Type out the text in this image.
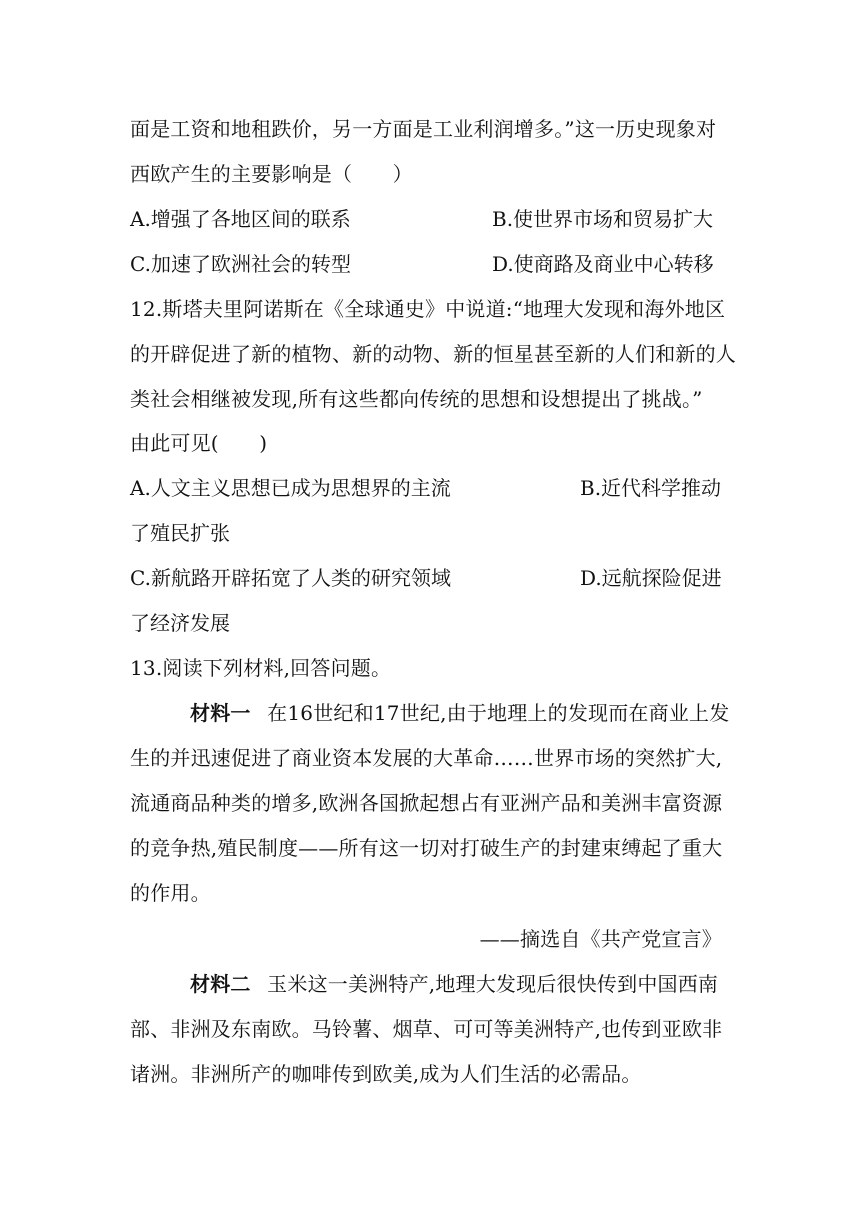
面是工资和地租跌价，另一方面是工业利润增多。”这一历史现象对
西欧产生的主要影响是（　　）
A.增强了各地区间的联系	B.使世界市场和贸易扩大
C.加速了欧洲社会的转型	D.使商路及商业中心转移
12.斯塔夫里阿诺斯在《全球通史》中说道:“地理大发现和海外地区
的开辟促进了新的植物、新的动物、新的恒星甚至新的人们和新的人
类社会相继被发现,所有这些都向传统的思想和设想提出了挑战。”
由此可见(　　)
A.人文主义思想已成为思想界的主流	B.近代科学推动
了殖民扩张
C.新航路开辟拓宽了人类的研究领域	D.远航探险促进
了经济发展
13.阅读下列材料,回答问题。
材料一 在16世纪和17世纪,由于地理上的发现而在商业上发
生的并迅速促进了商业资本发展的大革命……世界市场的突然扩大,
流通商品种类的增多,欧洲各国掀起想占有亚洲产品和美洲丰富资源
的竞争热,殖民制度——所有这一切对打破生产的封建束缚起了重大
的作用。
——摘选自《共产党宣言》
材料二 玉米这一美洲特产,地理大发现后很快传到中国西南
部、非洲及东南欧。马铃薯、烟草、可可等美洲特产,也传到亚欧非
诸洲。非洲所产的咖啡传到欧美,成为人们生活的必需品。
